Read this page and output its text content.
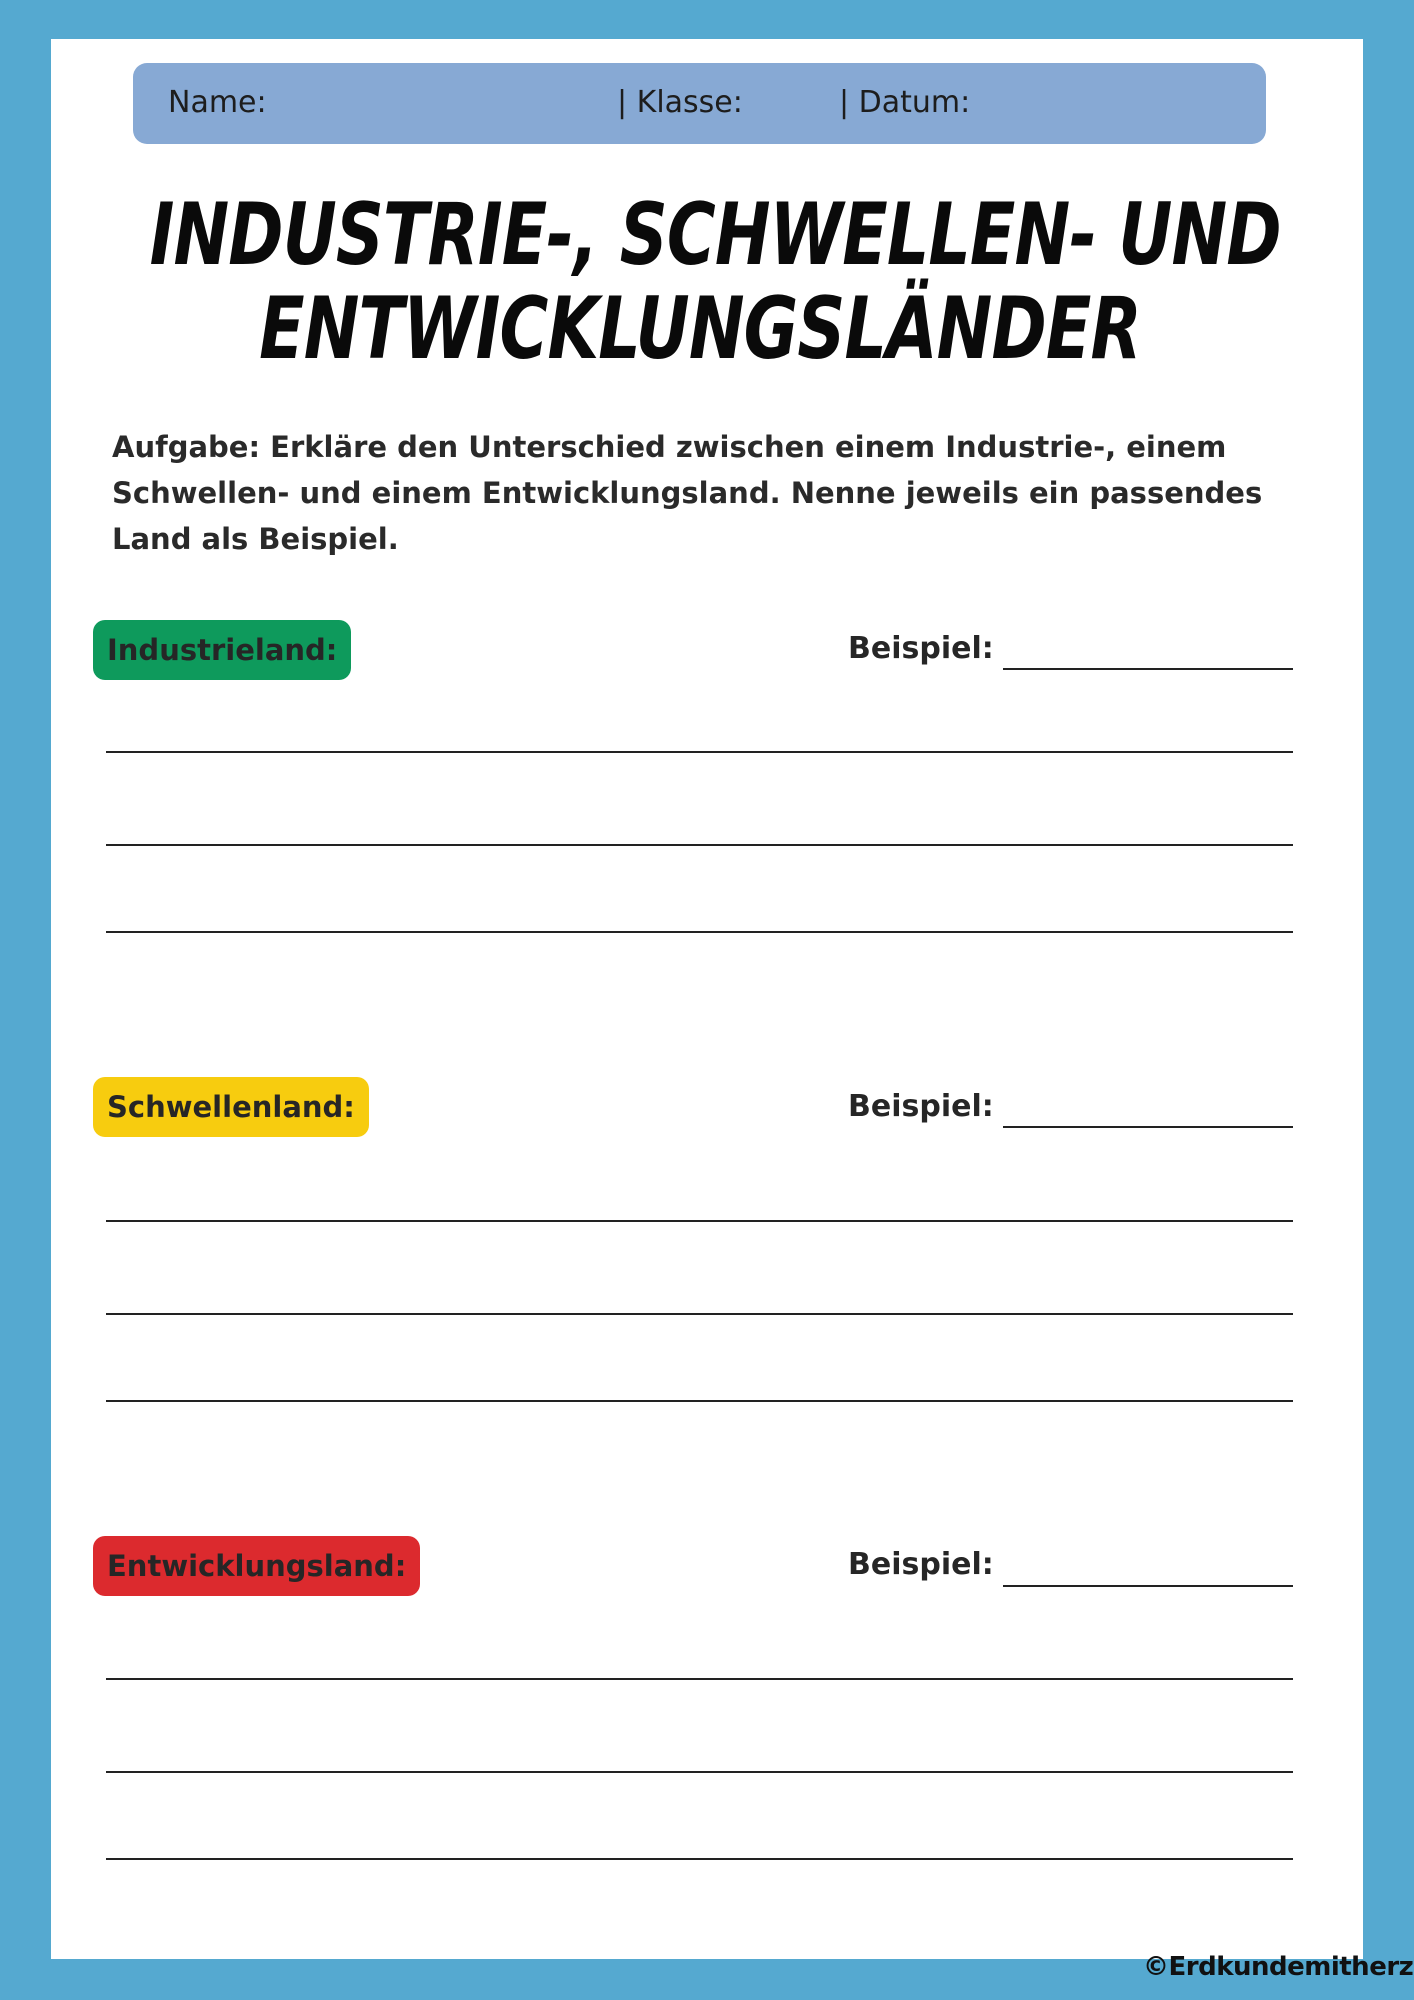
Name:	| Klasse:	| Datum:
INDUSTRIE-, SCHWELLEN- UND
ENTWICKLUNGSLÄNDER

Aufgabe: Erkläre den Unterschied zwischen einem Industrie-, einem Schwellen- und einem Entwicklungsland. Nenne jeweils ein passendes Land als Beispiel.

Industrieland:	Beispiel:
Schwellenland:	Beispiel:
Entwicklungsland:	Beispiel:
©Erdkundemitherz
